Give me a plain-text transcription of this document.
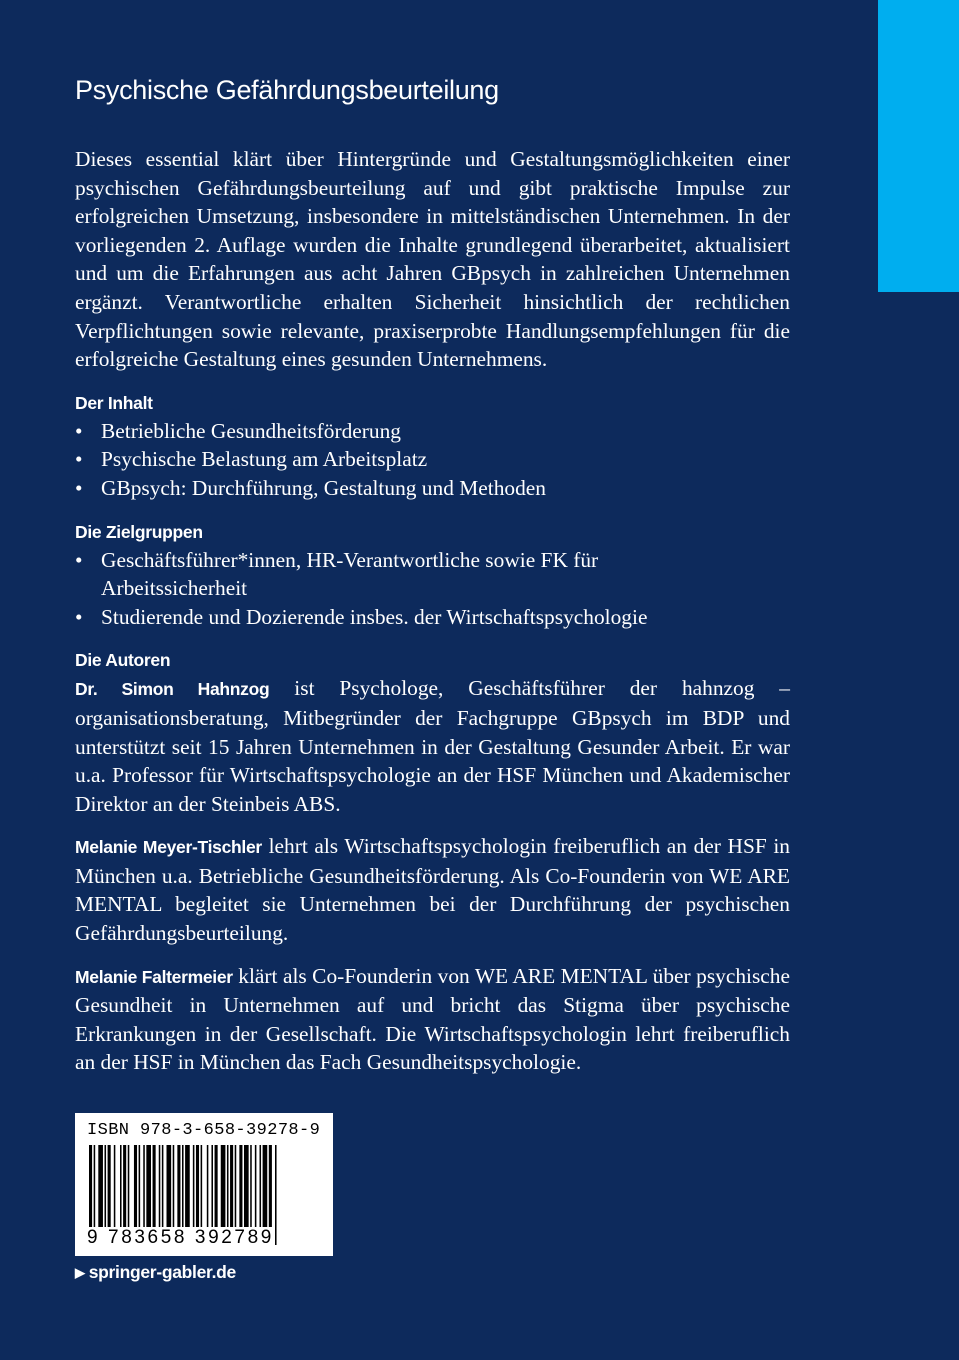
Psychische Gefährdungsbeurteilung

Dieses essential klärt über Hintergründe und Gestaltungsmöglichkeiten einer psychischen Gefährdungsbeurteilung auf und gibt praktische Impulse zur erfolgreichen Umsetzung, insbesondere in mittelständischen Unternehmen. In der vorliegenden 2. Auflage wurden die Inhalte grundlegend überarbeitet, aktualisiert und um die Erfahrungen aus acht Jahren GBpsych in zahlreichen Unternehmen ergänzt. Verantwortliche erhalten Sicherheit hinsichtlich der rechtlichen Verpflichtungen sowie relevante, praxiserprobte Handlungsempfehlungen für die erfolgreiche Gestaltung eines gesunden Unternehmens.

Der Inhalt
• Betriebliche Gesundheitsförderung
• Psychische Belastung am Arbeitsplatz
• GBpsych: Durchführung, Gestaltung und Methoden
Die Zielgruppen
• Geschäftsführer*innen, HR-Verantwortliche sowie FK für Arbeitssicherheit
• Studierende und Dozierende insbes. der Wirtschaftspsychologie
Die Autoren

Dr. Simon Hahnzog ist Psychologe, Geschäftsführer der hahnzog – organisationsberatung, Mitbegründer der Fachgruppe GBpsych im BDP und unterstützt seit 15 Jahren Unternehmen in der Gestaltung Gesunder Arbeit. Er war u.a. Professor für Wirtschaftspsychologie an der HSF München und Akademischer Direktor an der Steinbeis ABS.

Melanie Meyer-Tischler lehrt als Wirtschaftspsychologin freiberuflich an der HSF in München u.a. Betriebliche Gesundheitsförderung. Als Co-Founderin von WE ARE MENTAL begleitet sie Unternehmen bei der Durchführung der psychischen Gefährdungsbeurteilung.

Melanie Faltermeier klärt als Co-Founderin von WE ARE MENTAL über psychische Gesundheit in Unternehmen auf und bricht das Stigma über psychische Erkrankungen in der Gesellschaft. Die Wirtschaftspsychologin lehrt freiberuflich an der HSF in München das Fach Gesundheitspsychologie.

ISBN 978-3-658-39278-9
9 783658 392789
▶ springer-gabler.de
